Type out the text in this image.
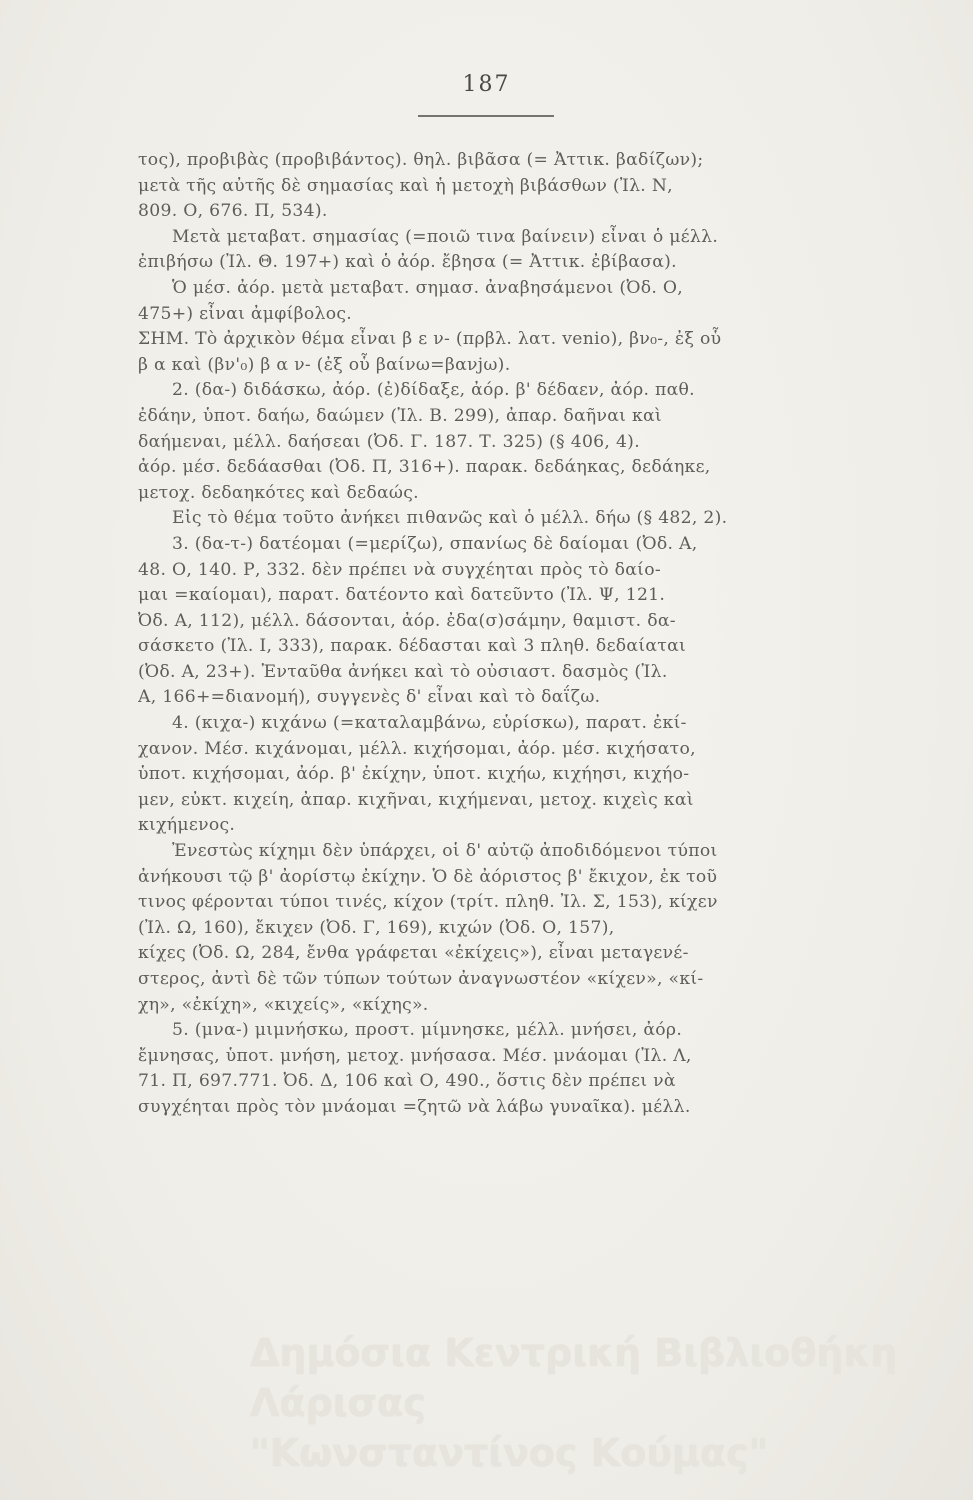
187
τος), προβιβὰς (προβιβάντος). θηλ. βιβᾶσα (= Ἀττικ. βαδίζων);
μετὰ τῆς αὐτῆς δὲ σημασίας καὶ ἡ μετοχὴ βιβάσθων (Ἰλ. Ν,
809. Ο, 676. Π, 534).
Μετὰ μεταβατ. σημασίας (=ποιῶ τινα βαίνειν) εἶναι ὁ μέλλ.
ἐπιβήσω (Ἰλ. Θ. 197+) καὶ ὁ ἀόρ. ἔβησα (= Ἀττικ. ἐβίβασα).
Ὁ μέσ. ἀόρ. μετὰ μεταβατ. σημασ. ἀναβησάμενοι (Ὀδ. Ο,
475+) εἶναι ἀμφίβολος.
ΣΗΜ. Τὸ ἀρχικὸν θέμα εἶναι β ε ν- (πρβλ. λατ. venio), βν₀-, ἐξ οὗ
β α καὶ (βν'₀) β α ν- (ἐξ οὗ βαίνω=βανjω).
2. (δα-) διδάσκω, ἀόρ. (ἐ)δίδαξε, ἀόρ. β' δέδαεν, ἀόρ. παθ.
ἐδάην, ὑποτ. δαήω, δαώμεν (Ἰλ. Β. 299), ἀπαρ. δαῆναι καὶ
δαήμεναι, μέλλ. δαήσεαι (Ὀδ. Γ. 187. Τ. 325) (§ 406, 4).
ἀόρ. μέσ. δεδάασθαι (Ὀδ. Π, 316+). παρακ. δεδάηκας, δεδάηκε,
μετοχ. δεδαηκότες καὶ δεδαώς.
Εἰς τὸ θέμα τοῦτο ἀνήκει πιθανῶς καὶ ὁ μέλλ. δήω (§ 482, 2).
3. (δα-τ-) δατέομαι (=μερίζω), σπανίως δὲ δαίομαι (Ὀδ. Α,
48. Ο, 140. Ρ, 332. δὲν πρέπει νὰ συγχέηται πρὸς τὸ δαίο-
μαι =καίομαι), παρατ. δατέοντο καὶ δατεῦντο (Ἰλ. Ψ, 121.
Ὀδ. Α, 112), μέλλ. δάσονται, ἀόρ. ἐδα(σ)σάμην, θαμιστ. δα-
σάσκετο (Ἰλ. Ι, 333), παρακ. δέδασται καὶ 3 πληθ. δεδαίαται
(Ὀδ. Α, 23+). Ἐνταῦθα ἀνήκει καὶ τὸ οὐσιαστ. δασμὸς (Ἰλ.
Α, 166+=διανομή), συγγενὲς δ' εἶναι καὶ τὸ δαΐζω.
4. (κιχα-) κιχάνω (=καταλαμβάνω, εὑρίσκω), παρατ. ἐκί-
χανον. Μέσ. κιχάνομαι, μέλλ. κιχήσομαι, ἀόρ. μέσ. κιχήσατο,
ὑποτ. κιχήσομαι, ἀόρ. β' ἐκίχην, ὑποτ. κιχήω, κιχήησι, κιχήο-
μεν, εὐκτ. κιχείη, ἀπαρ. κιχῆναι, κιχήμεναι, μετοχ. κιχεὶς καὶ
κιχήμενος.
Ἐνεστὼς κίχημι δὲν ὑπάρχει, οἱ δ' αὐτῷ ἀποδιδόμενοι τύποι
ἀνήκουσι τῷ β' ἀορίστῳ ἐκίχην. Ὁ δὲ ἀόριστος β' ἔκιχον, ἐκ τοῦ
τινος φέρονται τύποι τινές, κίχον (τρίτ. πληθ. Ἰλ. Σ, 153), κίχεν
(Ἰλ. Ω, 160), ἔκιχεν (Ὀδ. Γ, 169), κιχών (Ὀδ. Ο, 157),
κίχες (Ὀδ. Ω, 284, ἔνθα γράφεται «ἐκίχεις»), εἶναι μεταγενέ-
στερος, ἀντὶ δὲ τῶν τύπων τούτων ἀναγνωστέον «κίχεν», «κί-
χη», «ἐκίχη», «κιχείς», «κίχης».
5. (μνα-) μιμνήσκω, προστ. μίμνησκε, μέλλ. μνήσει, ἀόρ.
ἔμνησας, ὑποτ. μνήση, μετοχ. μνήσασα. Μέσ. μνάομαι (Ἰλ. Λ,
71. Π, 697.771. Ὀδ. Δ, 106 καὶ Ο, 490., ὅστις δὲν πρέπει νὰ
συγχέηται πρὸς τὸν μνάομαι =ζητῶ νὰ λάβω γυναῖκα). μέλλ.
Δημόσια Κεντρική Βιβλιοθήκη Λάρισας
"Κωνσταντίνος Κούμας"
